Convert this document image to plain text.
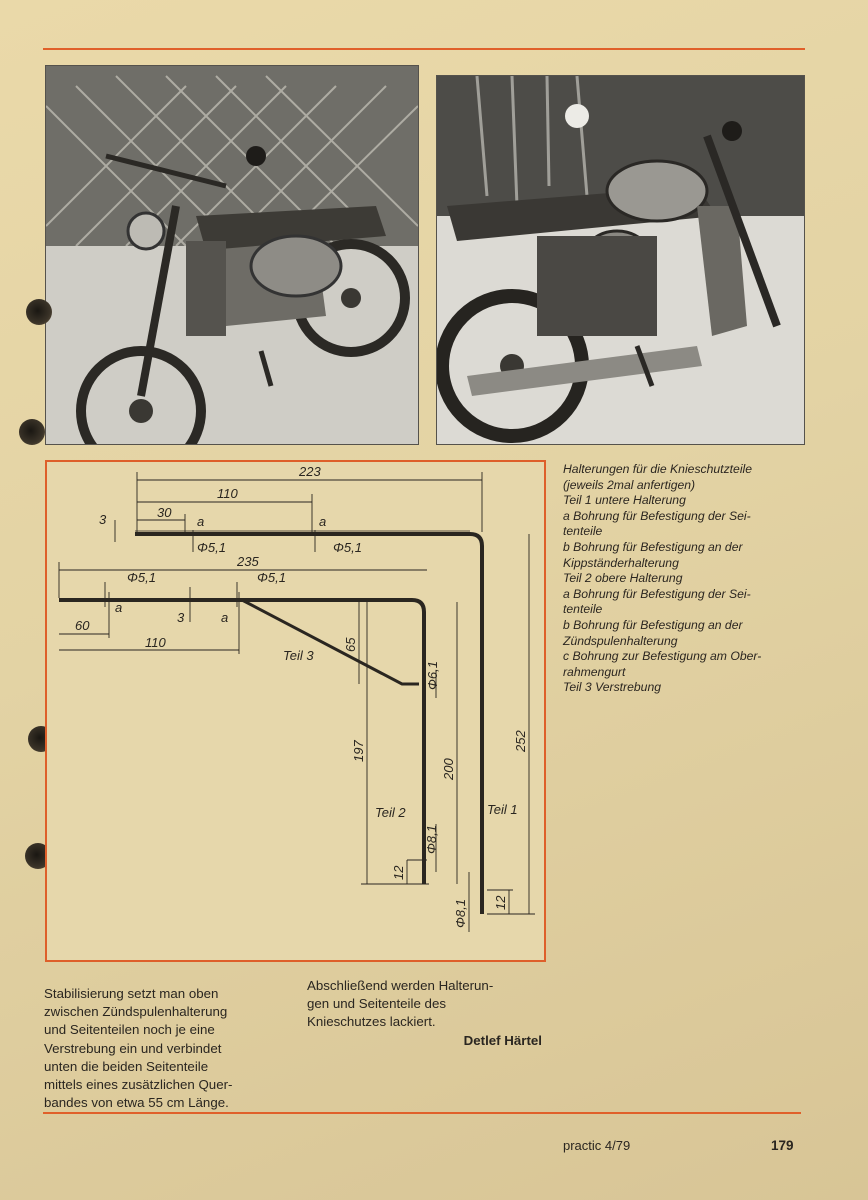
223
110
30
a	a
3
Φ5,1	Φ5,1
235
Φ5,1	Φ5,1
a
a
3
60
110
Teil 3
65
Φ6,1
197
200
252
Teil 2	Teil 1
Φ8,1
Φ8,1
12
12
Halterungen für die Knieschutzteile
(jeweils 2mal anfertigen)
Teil 1 untere Halterung
a Bohrung für Befestigung der Sei-
tenteile
b Bohrung für Befestigung an der
Kippständerhalterung
Teil 2 obere Halterung
a Bohrung für Befestigung der Sei-
tenteile
b Bohrung für Befestigung an der
Zündspulenhalterung
c Bohrung zur Befestigung am Ober-
rahmengurt
Teil 3 Verstrebung
Stabilisierung setzt man oben
zwischen Zündspulenhalterung
und Seitenteilen noch je eine
Verstrebung ein und verbindet
unten die beiden Seitenteile
mittels eines zusätzlichen Quer-
bandes von etwa 55 cm Länge.
Abschließend werden Halterun-
gen und Seitenteile des
Knieschutzes lackiert.
Detlef Härtel
practic 4/79	179
